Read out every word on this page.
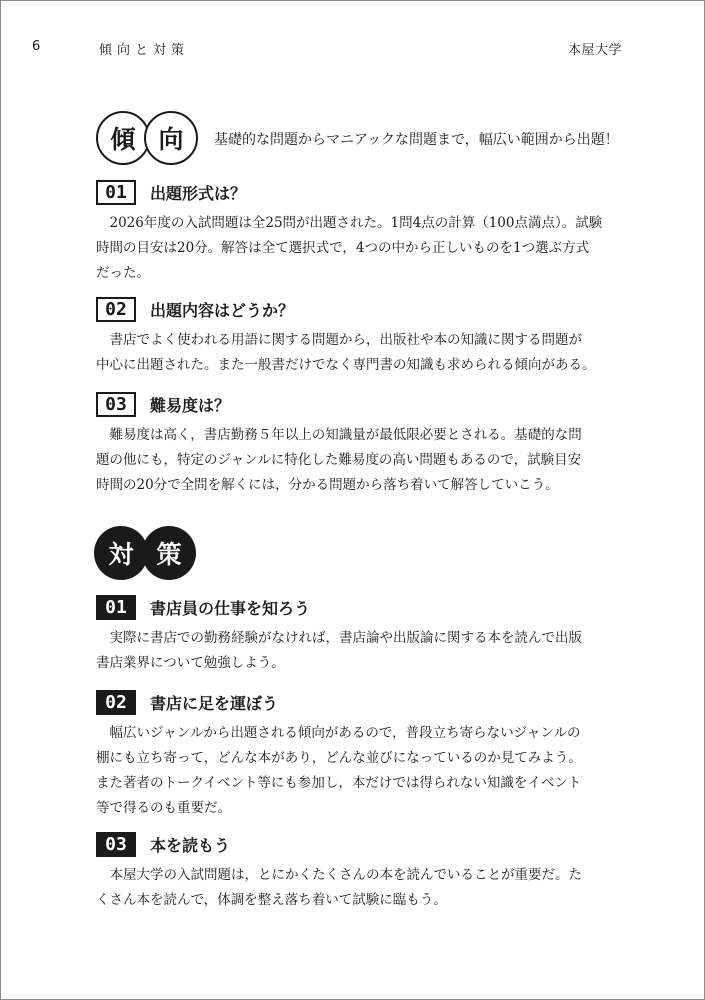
6	傾向と対策	本屋大学
傾 向	基礎的な問題からマニアックな問題まで，幅広い範囲から出題！
01	出題形式は？
2026年度の入試問題は全25問が出題された。1問4点の計算（100点満点）。試験
時間の目安は20分。解答は全て選択式で，4つの中から正しいものを1つ選ぶ方式
だった。
02	出題内容はどうか？
書店でよく使われる用語に関する問題から，出版社や本の知識に関する問題が
中心に出題された。また一般書だけでなく専門書の知識も求められる傾向がある。
03	難易度は？
難易度は高く，書店勤務５年以上の知識量が最低限必要とされる。基礎的な問
題の他にも，特定のジャンルに特化した難易度の高い問題もあるので，試験目安
時間の20分で全問を解くには，分かる問題から落ち着いて解答していこう。
対 策
01	書店員の仕事を知ろう
実際に書店での勤務経験がなければ，書店論や出版論に関する本を読んで出版
書店業界について勉強しよう。
02	書店に足を運ぼう
幅広いジャンルから出題される傾向があるので，普段立ち寄らないジャンルの
棚にも立ち寄って，どんな本があり，どんな並びになっているのか見てみよう。
また著者のトークイベント等にも参加し，本だけでは得られない知識をイベント
等で得るのも重要だ。
03	本を読もう
本屋大学の入試問題は，とにかくたくさんの本を読んでいることが重要だ。た
くさん本を読んで，体調を整え落ち着いて試験に臨もう。
